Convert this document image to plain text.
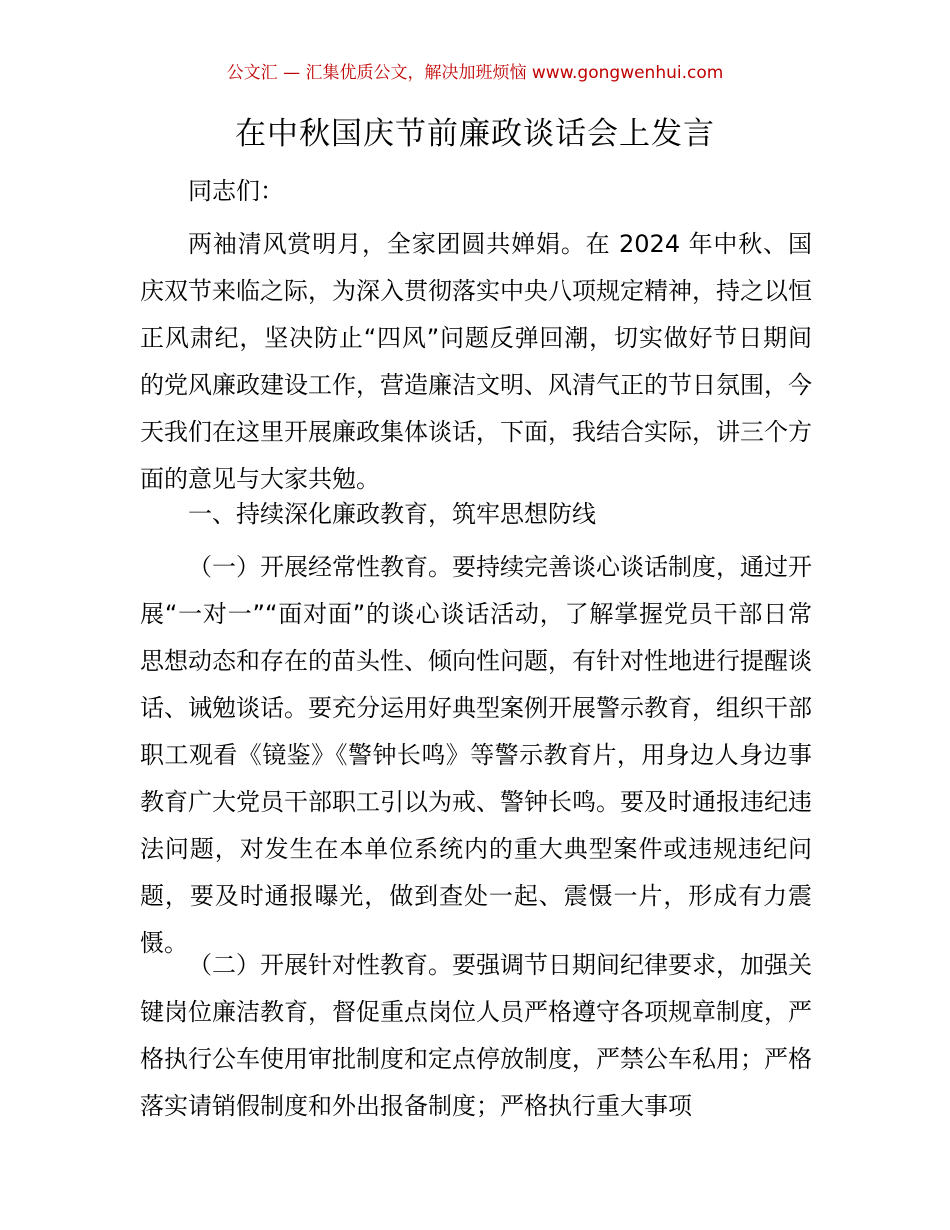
公文汇 — 汇集优质公文，解决加班烦恼 www.gongwenhui.com
在中秋国庆节前廉政谈话会上发言
同志们：
两袖清风赏明月，全家团圆共婵娟。在 2024 年中秋、国庆双节来临之际，为深入贯彻落实中央八项规定精神，持之以恒正风肃纪，坚决防止“四风”问题反弹回潮，切实做好节日期间的党风廉政建设工作，营造廉洁文明、风清气正的节日氛围，今天我们在这里开展廉政集体谈话，下面，我结合实际，讲三个方面的意见与大家共勉。
一、持续深化廉政教育，筑牢思想防线
（一）开展经常性教育。要持续完善谈心谈话制度，通过开展“一对一”“面对面”的谈心谈话活动，了解掌握党员干部日常思想动态和存在的苗头性、倾向性问题，有针对性地进行提醒谈话、诫勉谈话。要充分运用好典型案例开展警示教育，组织干部职工观看《镜鉴》《警钟长鸣》等警示教育片，用身边人身边事教育广大党员干部职工引以为戒、警钟长鸣。要及时通报违纪违法问题，对发生在本单位系统内的重大典型案件或违规违纪问题，要及时通报曝光，做到查处一起、震慑一片，形成有力震慑。
（二）开展针对性教育。要强调节日期间纪律要求，加强关键岗位廉洁教育，督促重点岗位人员严格遵守各项规章制度，严格执行公车使用审批制度和定点停放制度，严禁公车私用；严格落实请销假制度和外出报备制度；严格执行重大事项
